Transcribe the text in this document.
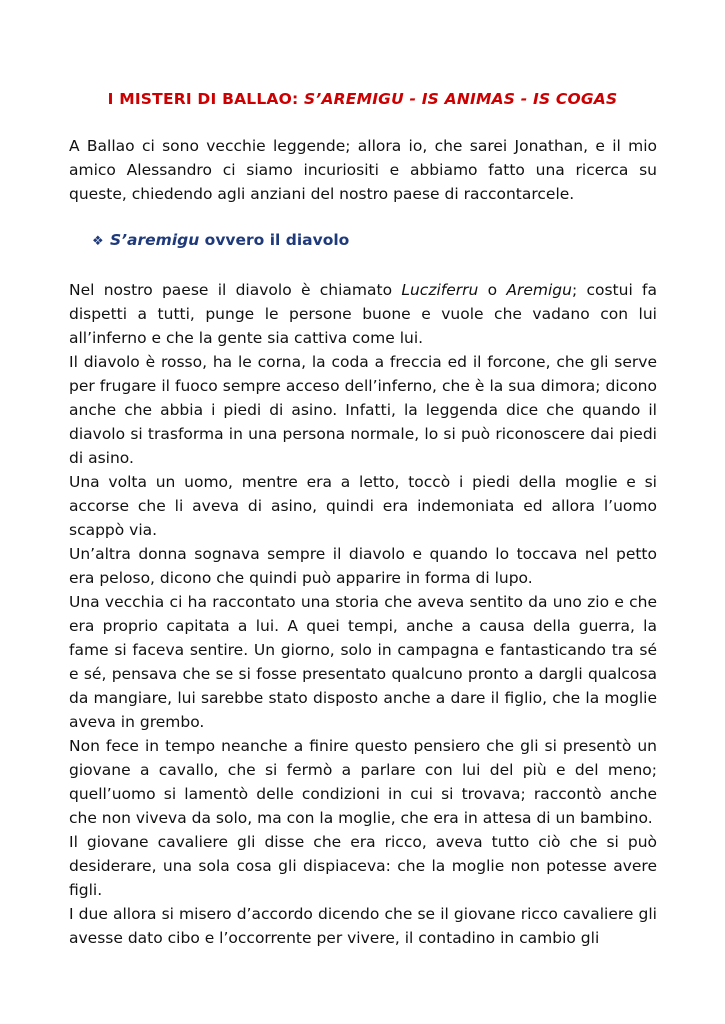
I MISTERI DI BALLAO: S’AREMIGU - IS ANIMAS - IS COGAS

A Ballao ci sono vecchie leggende; allora io, che sarei Jonathan, e il mio amico Alessandro ci siamo incuriositi e abbiamo fatto una ricerca su queste, chiedendo agli anziani del nostro paese di raccontarcele.

❖ S’aremigu ovvero il diavolo

Nel nostro paese il diavolo è chiamato Lucziferru o Aremigu; costui fa dispetti a tutti, punge le persone buone e vuole che vadano con lui all’inferno e che la gente sia cattiva come lui.

Il diavolo è rosso, ha le corna, la coda a freccia ed il forcone, che gli serve per frugare il fuoco sempre acceso dell’inferno, che è la sua dimora; dicono anche che abbia i piedi di asino. Infatti, la leggenda dice che quando il diavolo si trasforma in una persona normale, lo si può riconoscere dai piedi di asino.

Una volta un uomo, mentre era a letto, toccò i piedi della moglie e si accorse che li aveva di asino, quindi era indemoniata ed allora l’uomo scappò via.

Un’altra donna sognava sempre il diavolo e quando lo toccava nel petto era peloso, dicono che quindi può apparire in forma di lupo.

Una vecchia ci ha raccontato una storia che aveva sentito da uno zio e che era proprio capitata a lui. A quei tempi, anche a causa della guerra, la fame si faceva sentire. Un giorno, solo in campagna e fantasticando tra sé e sé, pensava che se si fosse presentato qualcuno pronto a dargli qualcosa da mangiare, lui sarebbe stato disposto anche a dare il figlio, che la moglie aveva in grembo.

Non fece in tempo neanche a finire questo pensiero che gli si presentò un giovane a cavallo, che si fermò a parlare con lui del più e del meno; quell’uomo si lamentò delle condizioni in cui si trovava; raccontò anche che non viveva da solo, ma con la moglie, che era in attesa di un bambino.

Il giovane cavaliere gli disse che era ricco, aveva tutto ciò che si può desiderare, una sola cosa gli dispiaceva: che la moglie non potesse avere figli.

I due allora si misero d’accordo dicendo che se il giovane ricco cavaliere gli avesse dato cibo e l’occorrente per vivere, il contadino in cambio gli
